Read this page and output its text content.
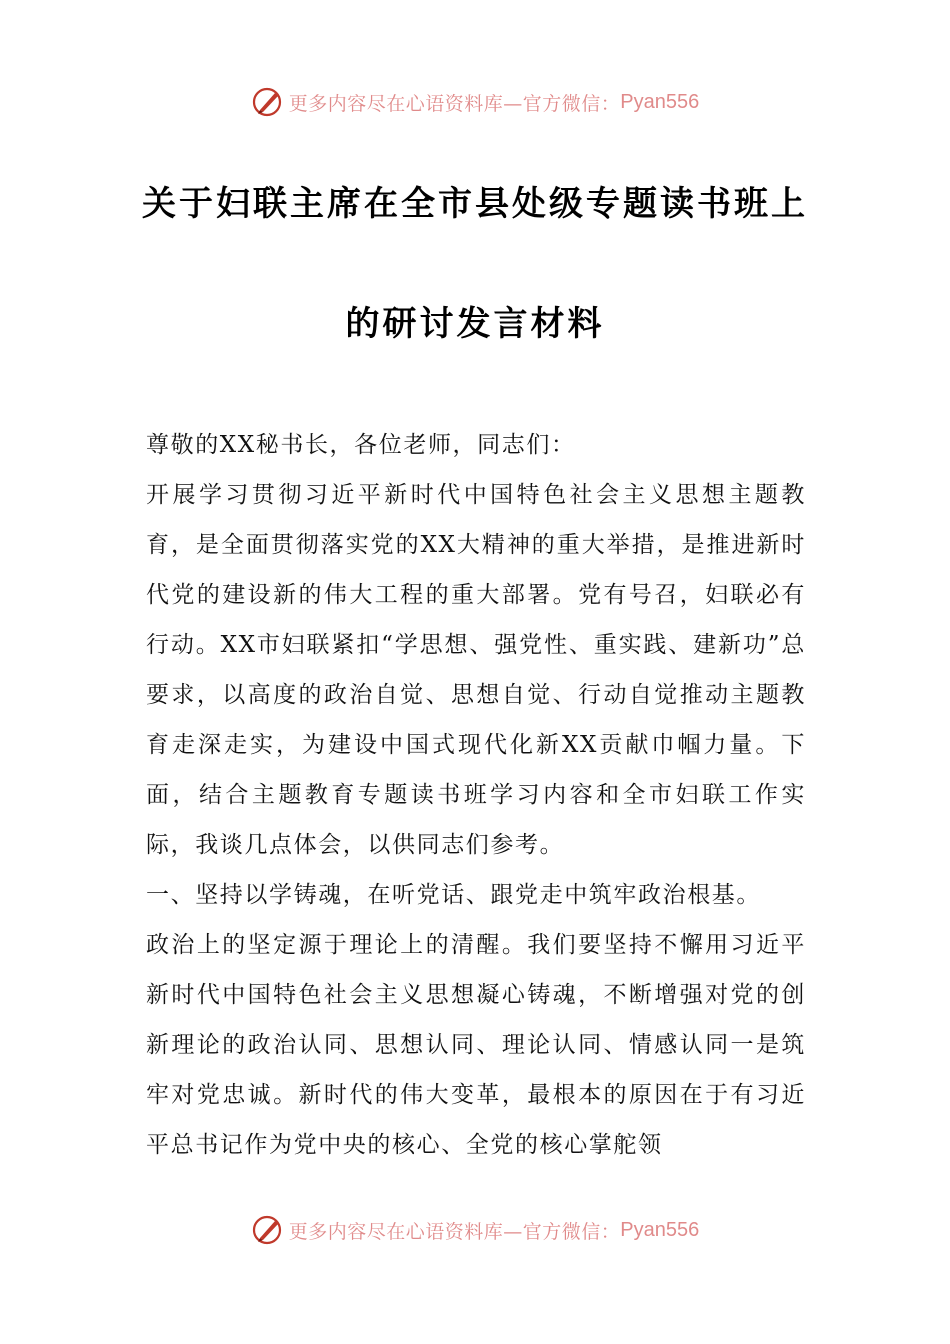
更多内容尽在心语资料库—官方微信： Pyan556
关于妇联主席在全市县处级专题读书班上
的研讨发言材料

尊敬的XX秘书长，各位老师，同志们：

开展学习贯彻习近平新时代中国特色社会主义思想主题教育，是全面贯彻落实党的XX大精神的重大举措，是推进新时代党的建设新的伟大工程的重大部署。党有号召，妇联必有行动。XX市妇联紧扣“学思想、强党性、重实践、建新功”总要求，以高度的政治自觉、思想自觉、行动自觉推动主题教育走深走实，为建设中国式现代化新XX贡献巾帼力量。下面，结合主题教育专题读书班学习内容和全市妇联工作实际，我谈几点体会，以供同志们参考。

一、坚持以学铸魂，在听党话、跟党走中筑牢政治根基。

政治上的坚定源于理论上的清醒。我们要坚持不懈用习近平新时代中国特色社会主义思想凝心铸魂，不断增强对党的创新理论的政治认同、思想认同、理论认同、情感认同一是筑牢对党忠诚。新时代的伟大变革，最根本的原因在于有习近平总书记作为党中央的核心、全党的核心掌舵领

更多内容尽在心语资料库—官方微信： Pyan556
